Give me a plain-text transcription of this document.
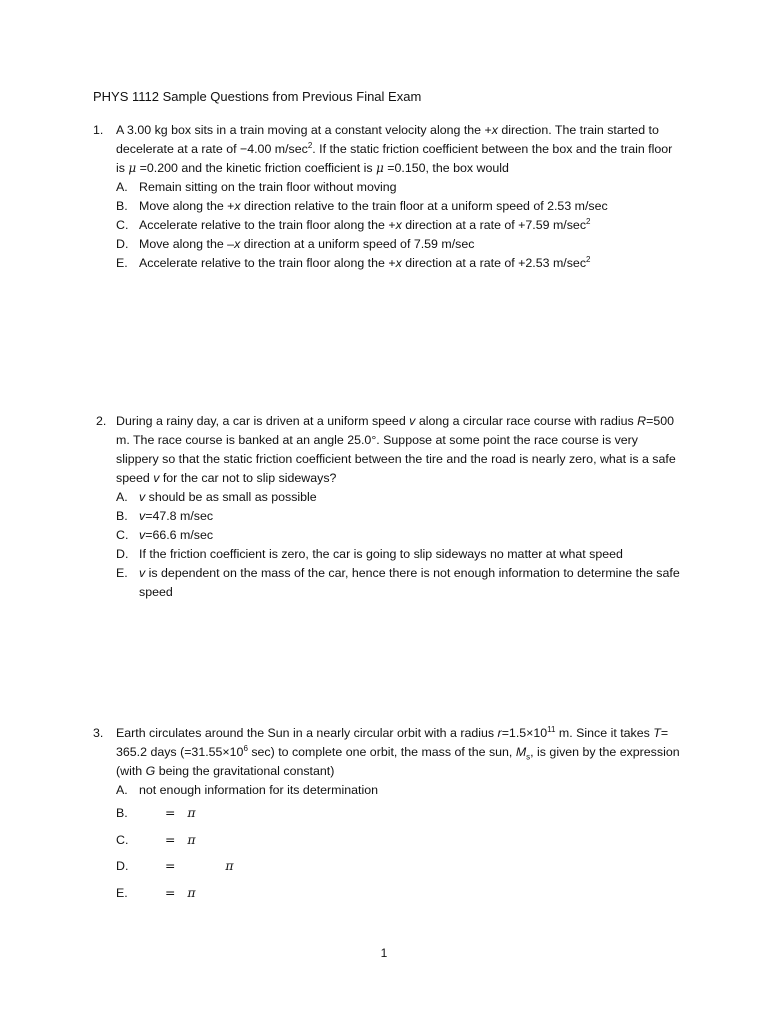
PHYS 1112 Sample Questions from Previous Final Exam
1. A 3.00 kg box sits in a train moving at a constant velocity along the +x direction. The train started to decelerate at a rate of −4.00 $m/\sec^2$. If the static friction coefficient between the box and the train floor is μ =0.200 and the kinetic friction coefficient is μ =0.150, the box would
A. Remain sitting on the train floor without moving
B. Move along the +x direction relative to the train floor at a uniform speed of 2.53 m/sec
C. Accelerate relative to the train floor along the +x direction at a rate of +7.59 $m/\sec^2$
D. Move along the –x direction at a uniform speed of 7.59 m/sec
E. Accelerate relative to the train floor along the +x direction at a rate of +2.53 $m/\sec^2$
2. During a rainy day, a car is driven at a uniform speed v along a circular race course with radius R=500 m. The race course is banked at an angle 25.0°. Suppose at some point the race course is very slippery so that the static friction coefficient between the tire and the road is nearly zero, what is a safe speed v for the car not to slip sideways?
A. v should be as small as possible
B. v=47.8 m/sec
C. v=66.6 m/sec
D. If the friction coefficient is zero, the car is going to slip sideways no matter at what speed
E. v is dependent on the mass of the car, hence there is not enough information to determine the safe speed
3. Earth circulates around the Sun in a nearly circular orbit with a radius $r=1.5\times 10^{11}$ m. Since it takes T= 365.2 days ($=31.55\times 10^6$ sec) to complete one orbit, the mass of the sun, $M_s$, is given by the expression (with G being the gravitational constant)
A. not enough information for its determination
B.	= π
C.	= π
D.	=	π
E.	= π
1
